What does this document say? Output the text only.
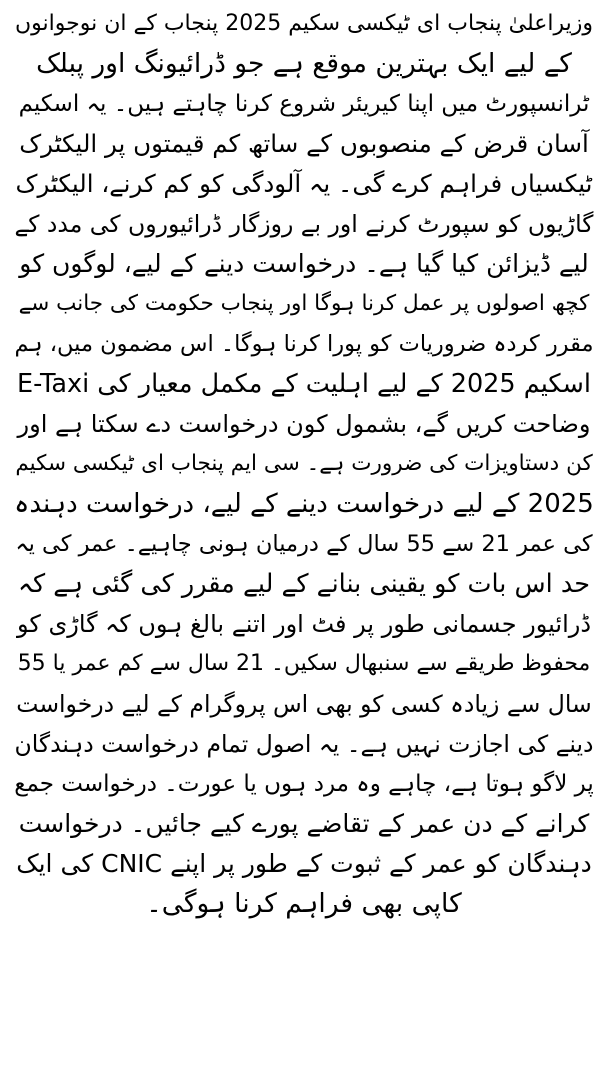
وزیراعلیٰ پنجاب ای ٹیکسی سکیم 2025 پنجاب کے ان نوجوانوں
کے لیے ایک بہترین موقع ہے جو ڈرائیونگ اور پبلک
ٹرانسپورٹ میں اپنا کیریئر شروع کرنا چاہتے ہیں۔ یہ اسکیم
آسان قرض کے منصوبوں کے ساتھ کم قیمتوں پر الیکٹرک
ٹیکسیاں فراہم کرے گی۔ یہ آلودگی کو کم کرنے، الیکٹرک
گاڑیوں کو سپورٹ کرنے اور بے روزگار ڈرائیوروں کی مدد کے
لیے ڈیزائن کیا گیا ہے۔ درخواست دینے کے لیے، لوگوں کو
کچھ اصولوں پر عمل کرنا ہوگا اور پنجاب حکومت کی جانب سے
مقرر کردہ ضروریات کو پورا کرنا ہوگا۔ اس مضمون میں، ہم
E-Taxi اسکیم 2025 کے لیے اہلیت کے مکمل معیار کی
وضاحت کریں گے، بشمول کون درخواست دے سکتا ہے اور
کن دستاویزات کی ضرورت ہے۔ سی ایم پنجاب ای ٹیکسی سکیم
2025 کے لیے درخواست دینے کے لیے، درخواست دہندہ
کی عمر 21 سے 55 سال کے درمیان ہونی چاہیے۔ عمر کی یہ
حد اس بات کو یقینی بنانے کے لیے مقرر کی گئی ہے کہ
ڈرائیور جسمانی طور پر فٹ اور اتنے بالغ ہوں کہ گاڑی کو
محفوظ طریقے سے سنبھال سکیں۔ 21 سال سے کم عمر یا 55
سال سے زیادہ کسی کو بھی اس پروگرام کے لیے درخواست
دینے کی اجازت نہیں ہے۔ یہ اصول تمام درخواست دہندگان
پر لاگو ہوتا ہے، چاہے وہ مرد ہوں یا عورت۔ درخواست جمع
کرانے کے دن عمر کے تقاضے پورے کیے جائیں۔ درخواست
دہندگان کو عمر کے ثبوت کے طور پر اپنے CNIC کی ایک
کاپی بھی فراہم کرنا ہوگی۔
